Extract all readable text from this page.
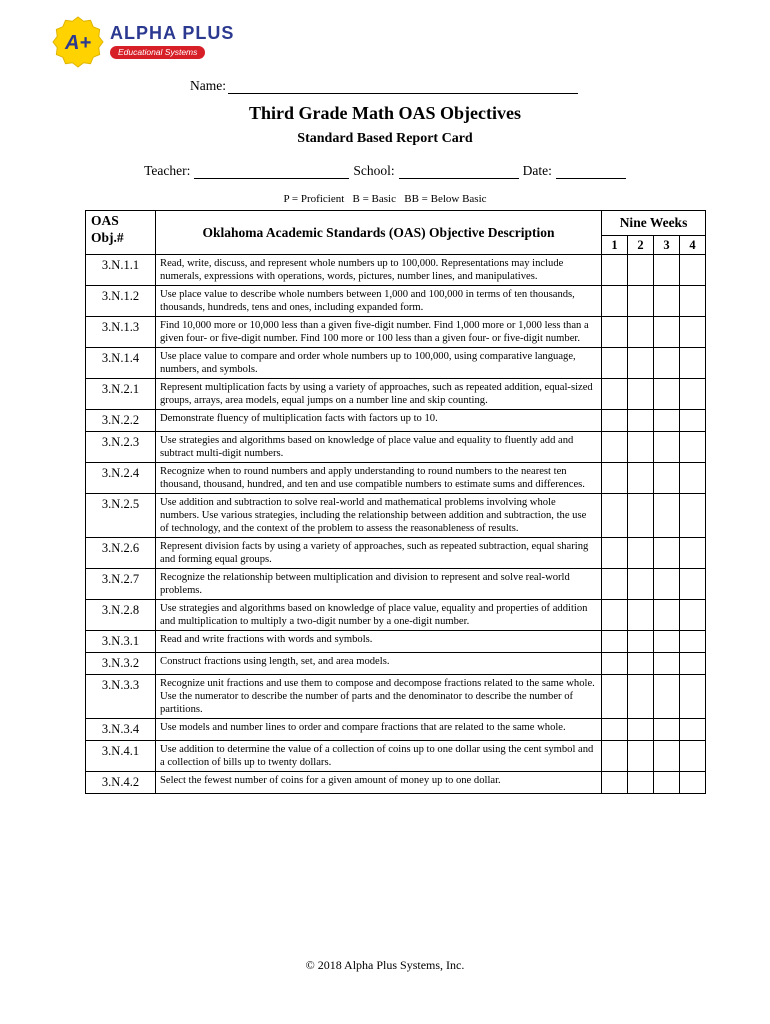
A+ ALPHA PLUS
Educational Systems
Name:
Third Grade Math OAS Objectives
Standard Based Report Card
Teacher:	School:	Date:
P = Proficient   B = Basic   BB = Below Basic
OAS Obj.#	Oklahoma Academic Standards (OAS) Objective Description	Nine Weeks			
		1	2	3	4
3.N.1.1	Read, write, discuss, and represent whole numbers up to 100,000. Representations may include numerals, expressions with operations, words, pictures, number lines, and manipulatives.				
3.N.1.2	Use place value to describe whole numbers between 1,000 and 100,000 in terms of ten thousands, thousands, hundreds, tens and ones, including expanded form.				
3.N.1.3	Find 10,000 more or 10,000 less than a given five-digit number. Find 1,000 more or 1,000 less than a given four- or five-digit number. Find 100 more or 100 less than a given four- or five-digit number.				
3.N.1.4	Use place value to compare and order whole numbers up to 100,000, using comparative language, numbers, and symbols.				
3.N.2.1	Represent multiplication facts by using a variety of approaches, such as repeated addition, equal-sized groups, arrays, area models, equal jumps on a number line and skip counting.				
3.N.2.2	Demonstrate fluency of multiplication facts with factors up to 10.				
3.N.2.3	Use strategies and algorithms based on knowledge of place value and equality to fluently add and subtract multi-digit numbers.				
3.N.2.4	Recognize when to round numbers and apply understanding to round numbers to the nearest ten thousand, thousand, hundred, and ten and use compatible numbers to estimate sums and differences.				
3.N.2.5	Use addition and subtraction to solve real-world and mathematical problems involving whole numbers. Use various strategies, including the relationship between addition and subtraction, the use of technology, and the context of the problem to assess the reasonableness of results.				
3.N.2.6	Represent division facts by using a variety of approaches, such as repeated subtraction, equal sharing and forming equal groups.				
3.N.2.7	Recognize the relationship between multiplication and division to represent and solve real-world problems.				
3.N.2.8	Use strategies and algorithms based on knowledge of place value, equality and properties of addition and multiplication to multiply a two-digit number by a one-digit number.				
3.N.3.1	Read and write fractions with words and symbols.				
3.N.3.2	Construct fractions using length, set, and area models.				
3.N.3.3	Recognize unit fractions and use them to compose and decompose fractions related to the same whole. Use the numerator to describe the number of parts and the denominator to describe the number of partitions.				
3.N.3.4	Use models and number lines to order and compare fractions that are related to the same whole.				
3.N.4.1	Use addition to determine the value of a collection of coins up to one dollar using the cent symbol and a collection of bills up to twenty dollars.				
3.N.4.2	Select the fewest number of coins for a given amount of money up to one dollar.				
© 2018 Alpha Plus Systems, Inc.
